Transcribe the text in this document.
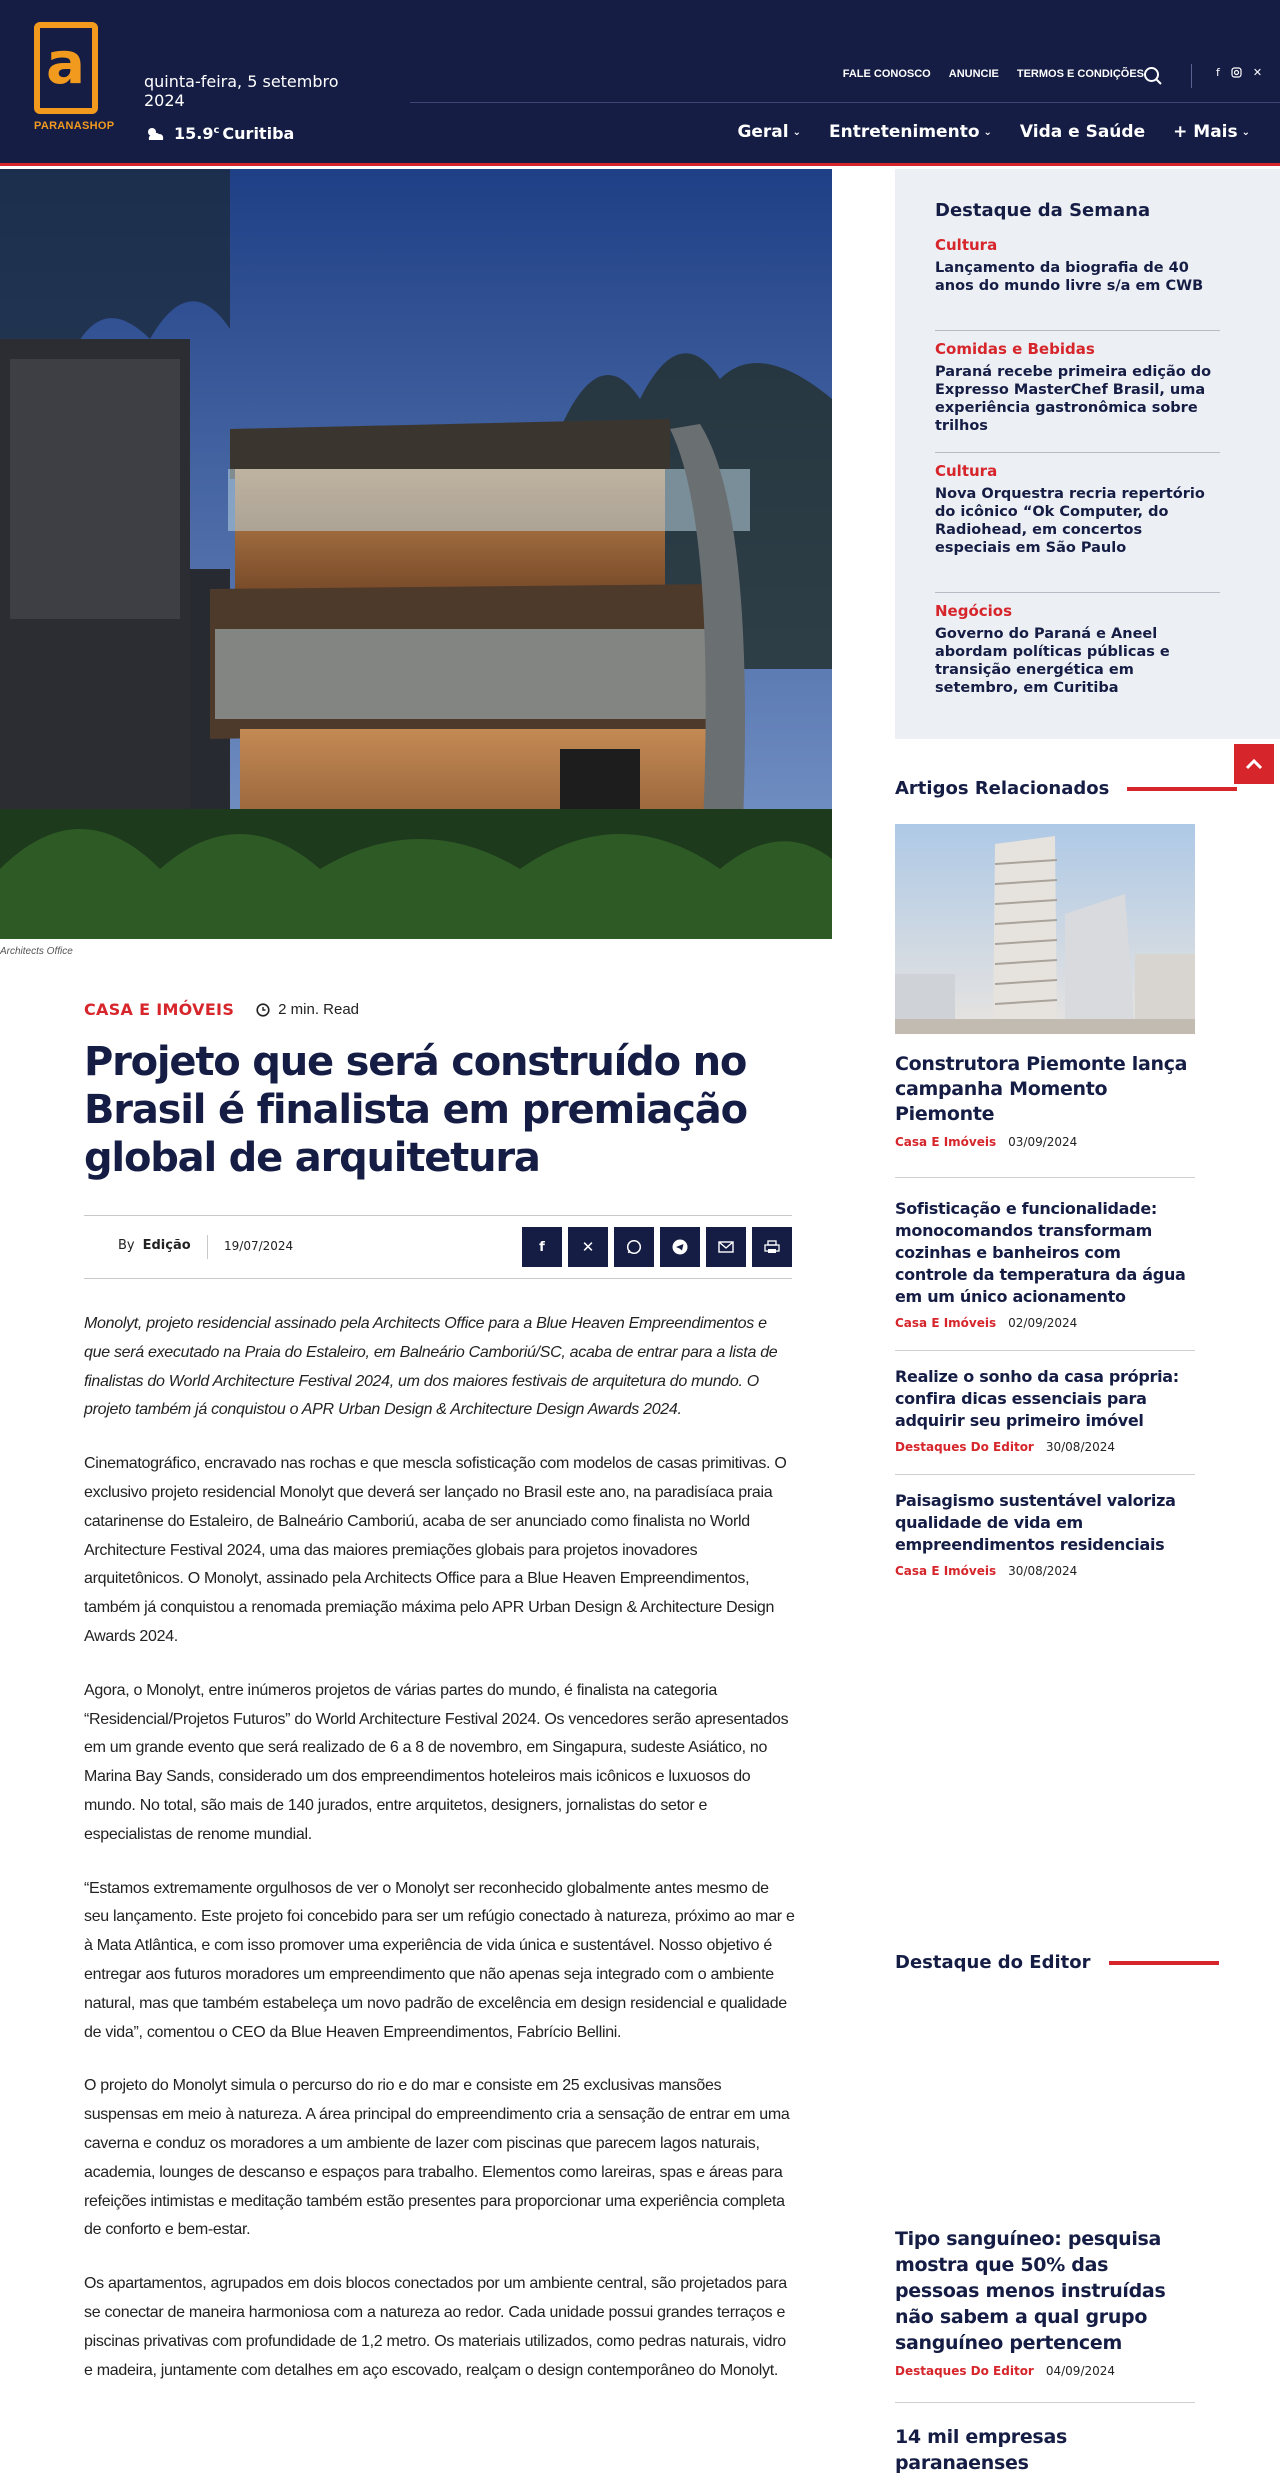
a
PARANASHOP
quinta-feira, 5 setembro 2024
15.9$^c$ Curitiba
FALE CONOSCO ANUNCIE TERMOS E CONDIÇÕES	f	✕
Geral ⌄ Entretenimento ⌄ Vida e Saúde + Mais ⌄
Architects Office
CASA E IMÓVEIS	2 min. Read
Projeto que será construído no Brasil é finalista em premiação global de arquitetura
By Edição	19/07/2024	f ✕

Monolyt, projeto residencial assinado pela Architects Office para a Blue Heaven Empreendimentos e que será executado na Praia do Estaleiro, em Balneário Camboriú/SC, acaba de entrar para a lista de finalistas do World Architecture Festival 2024, um dos maiores festivais de arquitetura do mundo. O projeto também já conquistou o APR Urban Design & Architecture Design Awards 2024.

Cinematográfico, encravado nas rochas e que mescla sofisticação com modelos de casas primitivas. O exclusivo projeto residencial Monolyt que deverá ser lançado no Brasil este ano, na paradisíaca praia catarinense do Estaleiro, de Balneário Camboriú, acaba de ser anunciado como finalista no World Architecture Festival 2024, uma das maiores premiações globais para projetos inovadores arquitetônicos. O Monolyt, assinado pela Architects Office para a Blue Heaven Empreendimentos, também já conquistou a renomada premiação máxima pelo APR Urban Design & Architecture Design Awards 2024.

Agora, o Monolyt, entre inúmeros projetos de várias partes do mundo, é finalista na categoria “Residencial/Projetos Futuros” do World Architecture Festival 2024. Os vencedores serão apresentados em um grande evento que será realizado de 6 a 8 de novembro, em Singapura, sudeste Asiático, no Marina Bay Sands, considerado um dos empreendimentos hoteleiros mais icônicos e luxuosos do mundo. No total, são mais de 140 jurados, entre arquitetos, designers, jornalistas do setor e especialistas de renome mundial.

“Estamos extremamente orgulhosos de ver o Monolyt ser reconhecido globalmente antes mesmo de seu lançamento. Este projeto foi concebido para ser um refúgio conectado à natureza, próximo ao mar e à Mata Atlântica, e com isso promover uma experiência de vida única e sustentável. Nosso objetivo é entregar aos futuros moradores um empreendimento que não apenas seja integrado com o ambiente natural, mas que também estabeleça um novo padrão de excelência em design residencial e qualidade de vida”, comentou o CEO da Blue Heaven Empreendimentos, Fabrício Bellini.

O projeto do Monolyt simula o percurso do rio e do mar e consiste em 25 exclusivas mansões suspensas em meio à natureza. A área principal do empreendimento cria a sensação de entrar em uma caverna e conduz os moradores a um ambiente de lazer com piscinas que parecem lagos naturais, academia, lounges de descanso e espaços para trabalho. Elementos como lareiras, spas e áreas para refeições intimistas e meditação também estão presentes para proporcionar uma experiência completa de conforto e bem-estar.

Os apartamentos, agrupados em dois blocos conectados por um ambiente central, são projetados para se conectar de maneira harmoniosa com a natureza ao redor. Cada unidade possui grandes terraços e piscinas privativas com profundidade de 1,2 metro. Os materiais utilizados, como pedras naturais, vidro e madeira, juntamente com detalhes em aço escovado, realçam o design contemporâneo do Monolyt.

Destaque da Semana
Cultura
Lançamento da biografia de 40 anos do mundo livre s/a em CWB
Comidas e Bebidas
Paraná recebe primeira edição do Expresso MasterChef Brasil, uma experiência gastronômica sobre trilhos
Cultura
Nova Orquestra recria repertório do icônico “Ok Computer, do Radiohead, em concertos especiais em São Paulo
Negócios
Governo do Paraná e Aneel abordam políticas públicas e transição energética em setembro, em Curitiba
Artigos Relacionados
Construtora Piemonte lança campanha Momento Piemonte
Casa E Imóveis 03/09/2024
Sofisticação e funcionalidade: monocomandos transformam cozinhas e banheiros com controle da temperatura da água em um único acionamento
Casa E Imóveis 02/09/2024
Realize o sonho da casa própria: confira dicas essenciais para adquirir seu primeiro imóvel
Destaques Do Editor 30/08/2024
Paisagismo sustentável valoriza qualidade de vida em empreendimentos residenciais
Casa E Imóveis 30/08/2024
Destaque do Editor
Tipo sanguíneo: pesquisa mostra que 50% das pessoas menos instruídas não sabem a qual grupo sanguíneo pertencem
Destaques Do Editor 04/09/2024
14 mil empresas paranaenses
